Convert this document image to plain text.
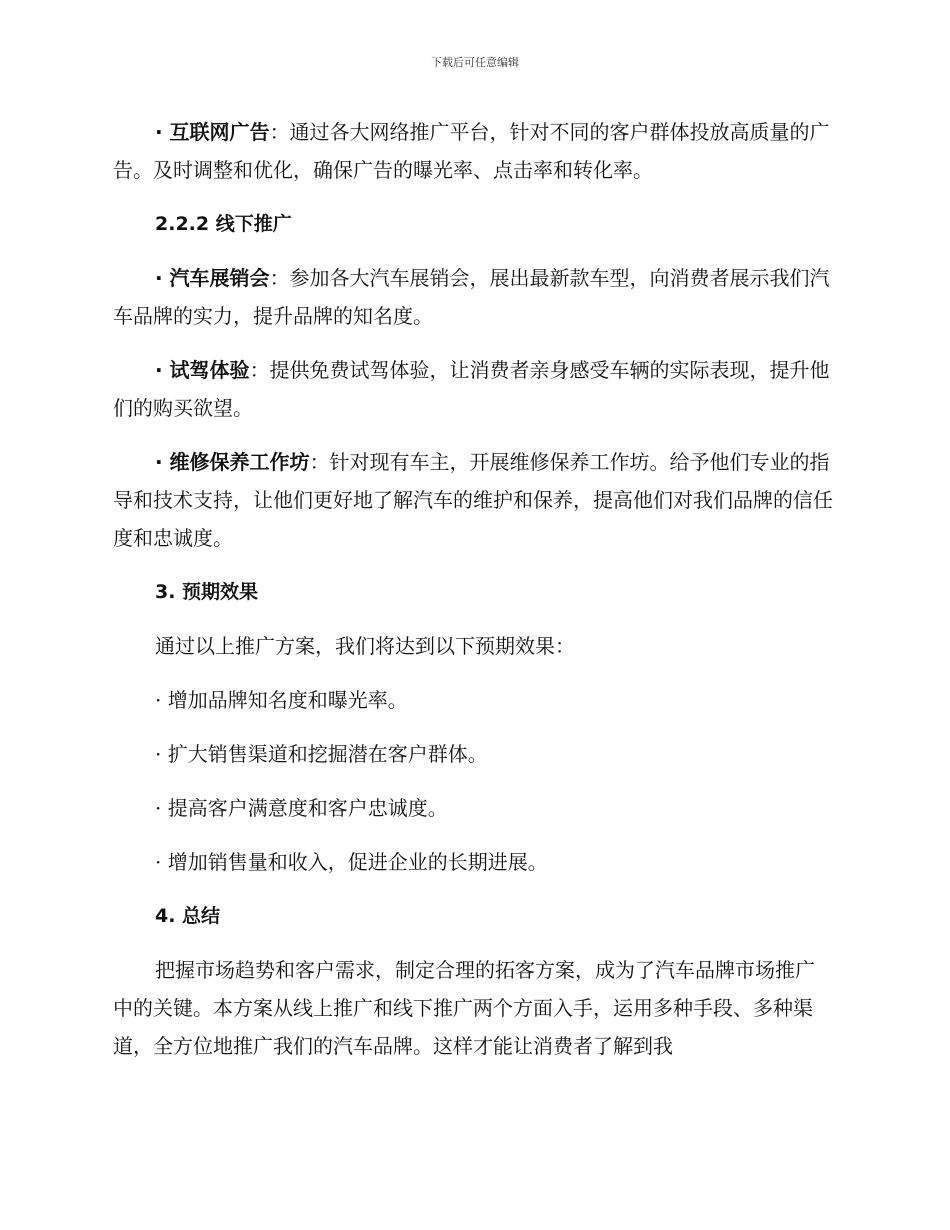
下载后可任意编辑

· 互联网广告：通过各大网络推广平台，针对不同的客户群体投放高质量的广告。及时调整和优化，确保广告的曝光率、点击率和转化率。

2.2.2 线下推广

· 汽车展销会：参加各大汽车展销会，展出最新款车型，向消费者展示我们汽车品牌的实力，提升品牌的知名度。

· 试驾体验：提供免费试驾体验，让消费者亲身感受车辆的实际表现，提升他们的购买欲望。

· 维修保养工作坊：针对现有车主，开展维修保养工作坊。给予他们专业的指导和技术支持，让他们更好地了解汽车的维护和保养，提高他们对我们品牌的信任度和忠诚度。

3. 预期效果

通过以上推广方案，我们将达到以下预期效果：

· 增加品牌知名度和曝光率。
· 扩大销售渠道和挖掘潜在客户群体。
· 提高客户满意度和客户忠诚度。
· 增加销售量和收入，促进企业的长期进展。
4. 总结

把握市场趋势和客户需求，制定合理的拓客方案，成为了汽车品牌市场推广中的关键。本方案从线上推广和线下推广两个方面入手，运用多种手段、多种渠道，全方位地推广我们的汽车品牌。这样才能让消费者了解到我
